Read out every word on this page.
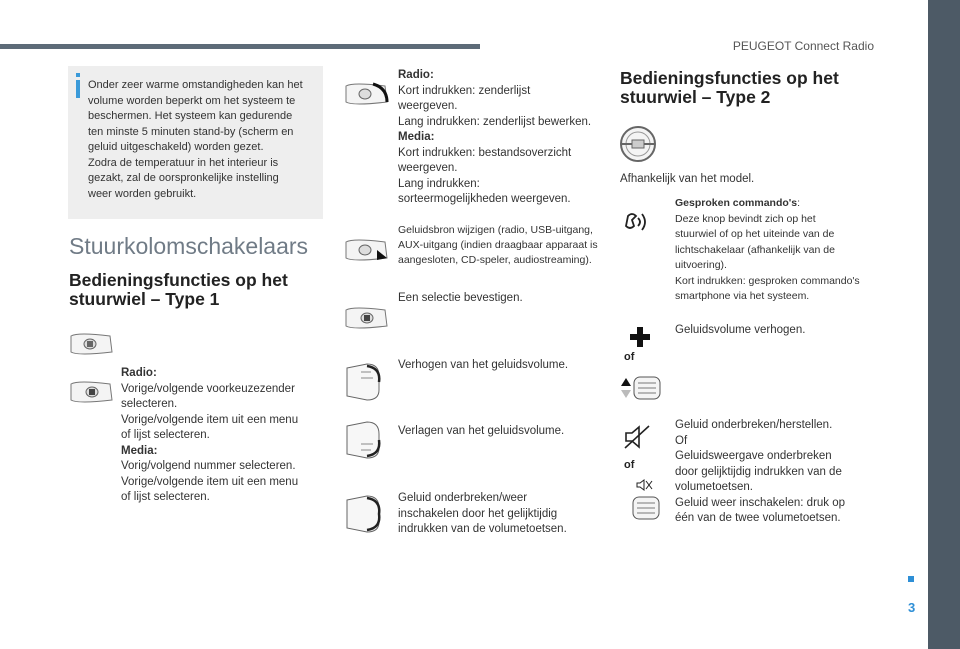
PEUGEOT Connect Radio
3
Onder zeer warme omstandigheden kan het
volume worden beperkt om het systeem te
beschermen. Het systeem kan gedurende
ten minste 5 minuten stand-by (scherm en
geluid uitgeschakeld) worden gezet.
Zodra de temperatuur in het interieur is
gezakt, zal de oorspronkelijke instelling
weer worden gebruikt.
Stuurkolomschakelaars
Bedieningsfuncties op het
stuurwiel – Type 1
Radio:
Vorige/volgende voorkeuzezender
selecteren.
Vorige/volgende item uit een menu
of lijst selecteren.
Media:
Vorig/volgend nummer selecteren.
Vorige/volgende item uit een menu
of lijst selecteren.
Radio:
Kort indrukken: zenderlijst
weergeven.
Lang indrukken: zenderlijst bewerken.
Media:
Kort indrukken: bestandsoverzicht
weergeven.
Lang indrukken:
sorteermogelijkheden weergeven.
Geluidsbron wijzigen (radio, USB-uitgang,
AUX-uitgang (indien draagbaar apparaat is
aangesloten, CD-speler, audiostreaming).
Een selectie bevestigen.
Verhogen van het geluidsvolume.
Verlagen van het geluidsvolume.
Geluid onderbreken/weer
inschakelen door het gelijktijdig
indrukken van de volumetoetsen.
Bedieningsfuncties op het
stuurwiel – Type 2
Afhankelijk van het model.
Gesproken commando's:
Deze knop bevindt zich op het
stuurwiel of op het uiteinde van de
lichtschakelaar (afhankelijk van de
uitvoering).
Kort indrukken: gesproken commando's
smartphone via het systeem.
of
Geluidsvolume verhogen.
of
Geluid onderbreken/herstellen.
Of
Geluidsweergave onderbreken
door gelijktijdig indrukken van de
volumetoetsen.
Geluid weer inschakelen: druk op
één van de twee volumetoetsen.
